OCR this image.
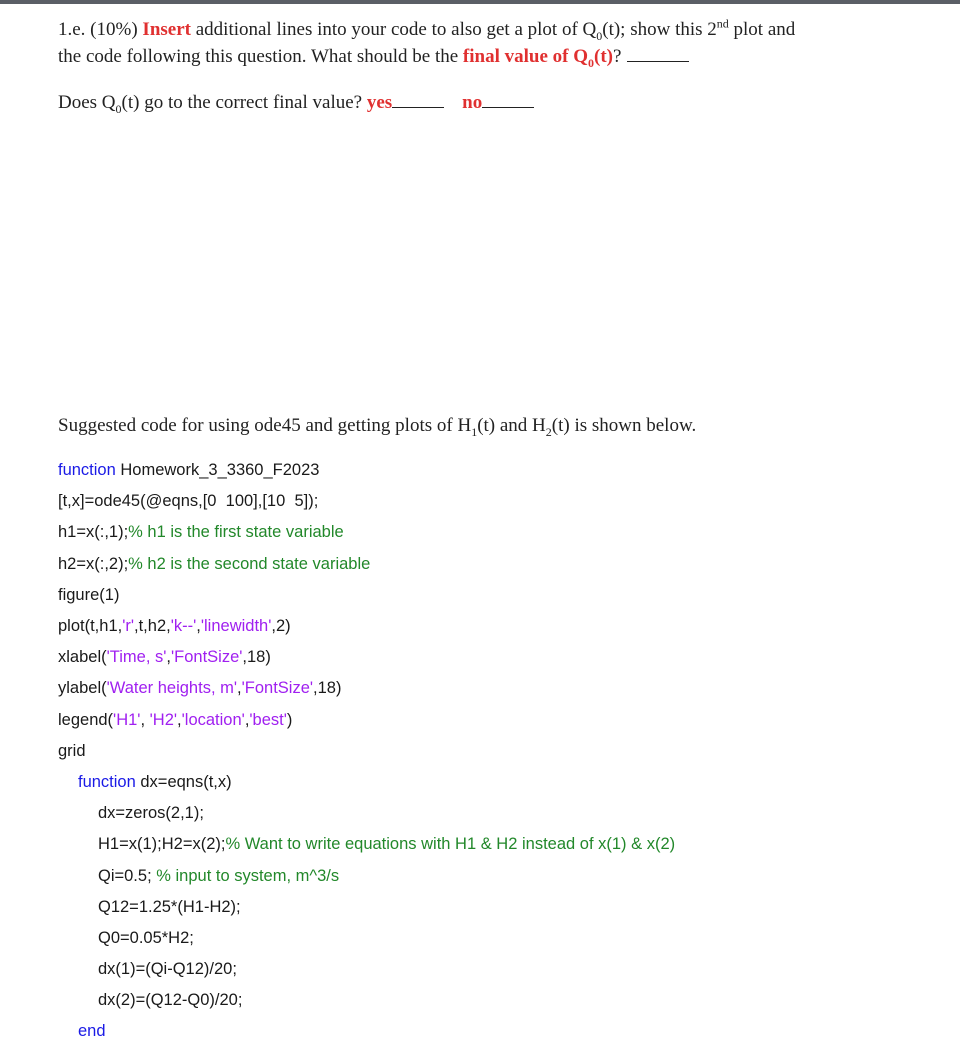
1.e. (10%) Insert additional lines into your code to also get a plot of $Q_0(t)$; show this 2nd plot and
the code following this question. What should be the final value of $Q_0(t)$?
Does $Q_0(t)$ go to the correct final value? yes	no
Suggested code for using ode45 and getting plots of $H_1(t)$ and $H_2(t)$ is shown below.
function Homework_3_3360_F2023
[t,x]=ode45(@eqns,[0  100],[10  5]);
h1=x(:,1);% h1 is the first state variable
h2=x(:,2);% h2 is the second state variable
figure(1)
plot(t,h1,'r',t,h2,'k--','linewidth',2)
xlabel('Time, s','FontSize',18)
ylabel('Water heights, m','FontSize',18)
legend('H1', 'H2','location','best')
grid
function dx=eqns(t,x)
dx=zeros(2,1);
H1=x(1);H2=x(2);% Want to write equations with H1 & H2 instead of x(1) & x(2)
Qi=0.5; % input to system, m^3/s
Q12=1.25*(H1-H2);
Q0=0.05*H2;
dx(1)=(Qi-Q12)/20;
dx(2)=(Q12-Q0)/20;
end
